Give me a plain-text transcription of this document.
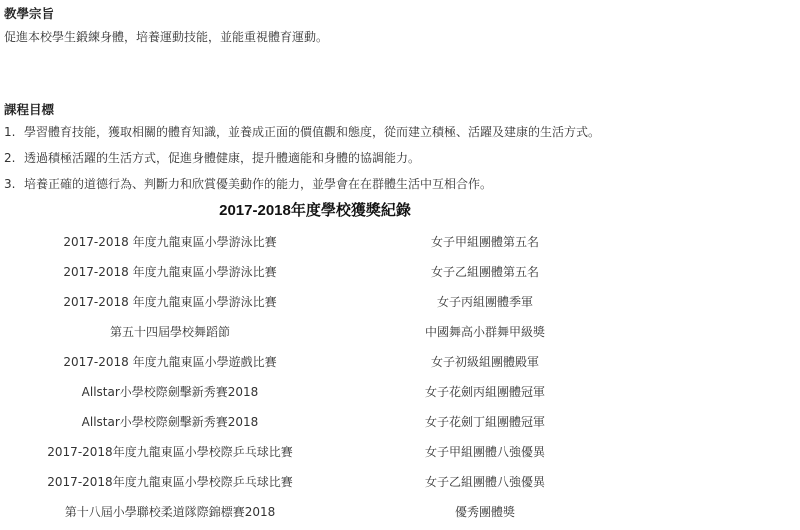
教學宗旨
促進本校學生鍛練身體，培養運動技能，並能重視體育運動。
課程目標
1. 學習體育技能，獲取相關的體育知識，並養成正面的價值觀和態度，從而建立積極、活躍及建康的生活方式。
2. 透過積極活躍的生活方式，促進身體健康，提升體適能和身體的協調能力。
3. 培養正確的道德行為、判斷力和欣賞優美動作的能力，並學會在在群體生活中互相合作。
2017-2018年度學校獲獎紀錄
2017-2018 年度九龍東區小學游泳比賽	女子甲組團體第五名
2017-2018 年度九龍東區小學游泳比賽	女子乙組團體第五名
2017-2018 年度九龍東區小學游泳比賽	女子丙組團體季軍
第五十四屆學校舞蹈節	中國舞高小群舞甲級獎
2017-2018 年度九龍東區小學遊戲比賽	女子初級組團體殿軍
Allstar小學校際劍擊新秀賽2018	女子花劍丙組團體冠軍
Allstar小學校際劍擊新秀賽2018	女子花劍丁組團體冠軍
2017-2018年度九龍東區小學校際乒乓球比賽	女子甲組團體八強優異
2017-2018年度九龍東區小學校際乒乓球比賽	女子乙組團體八強優異
第十八屆小學聯校柔道隊際錦標賽2018	優秀團體獎
